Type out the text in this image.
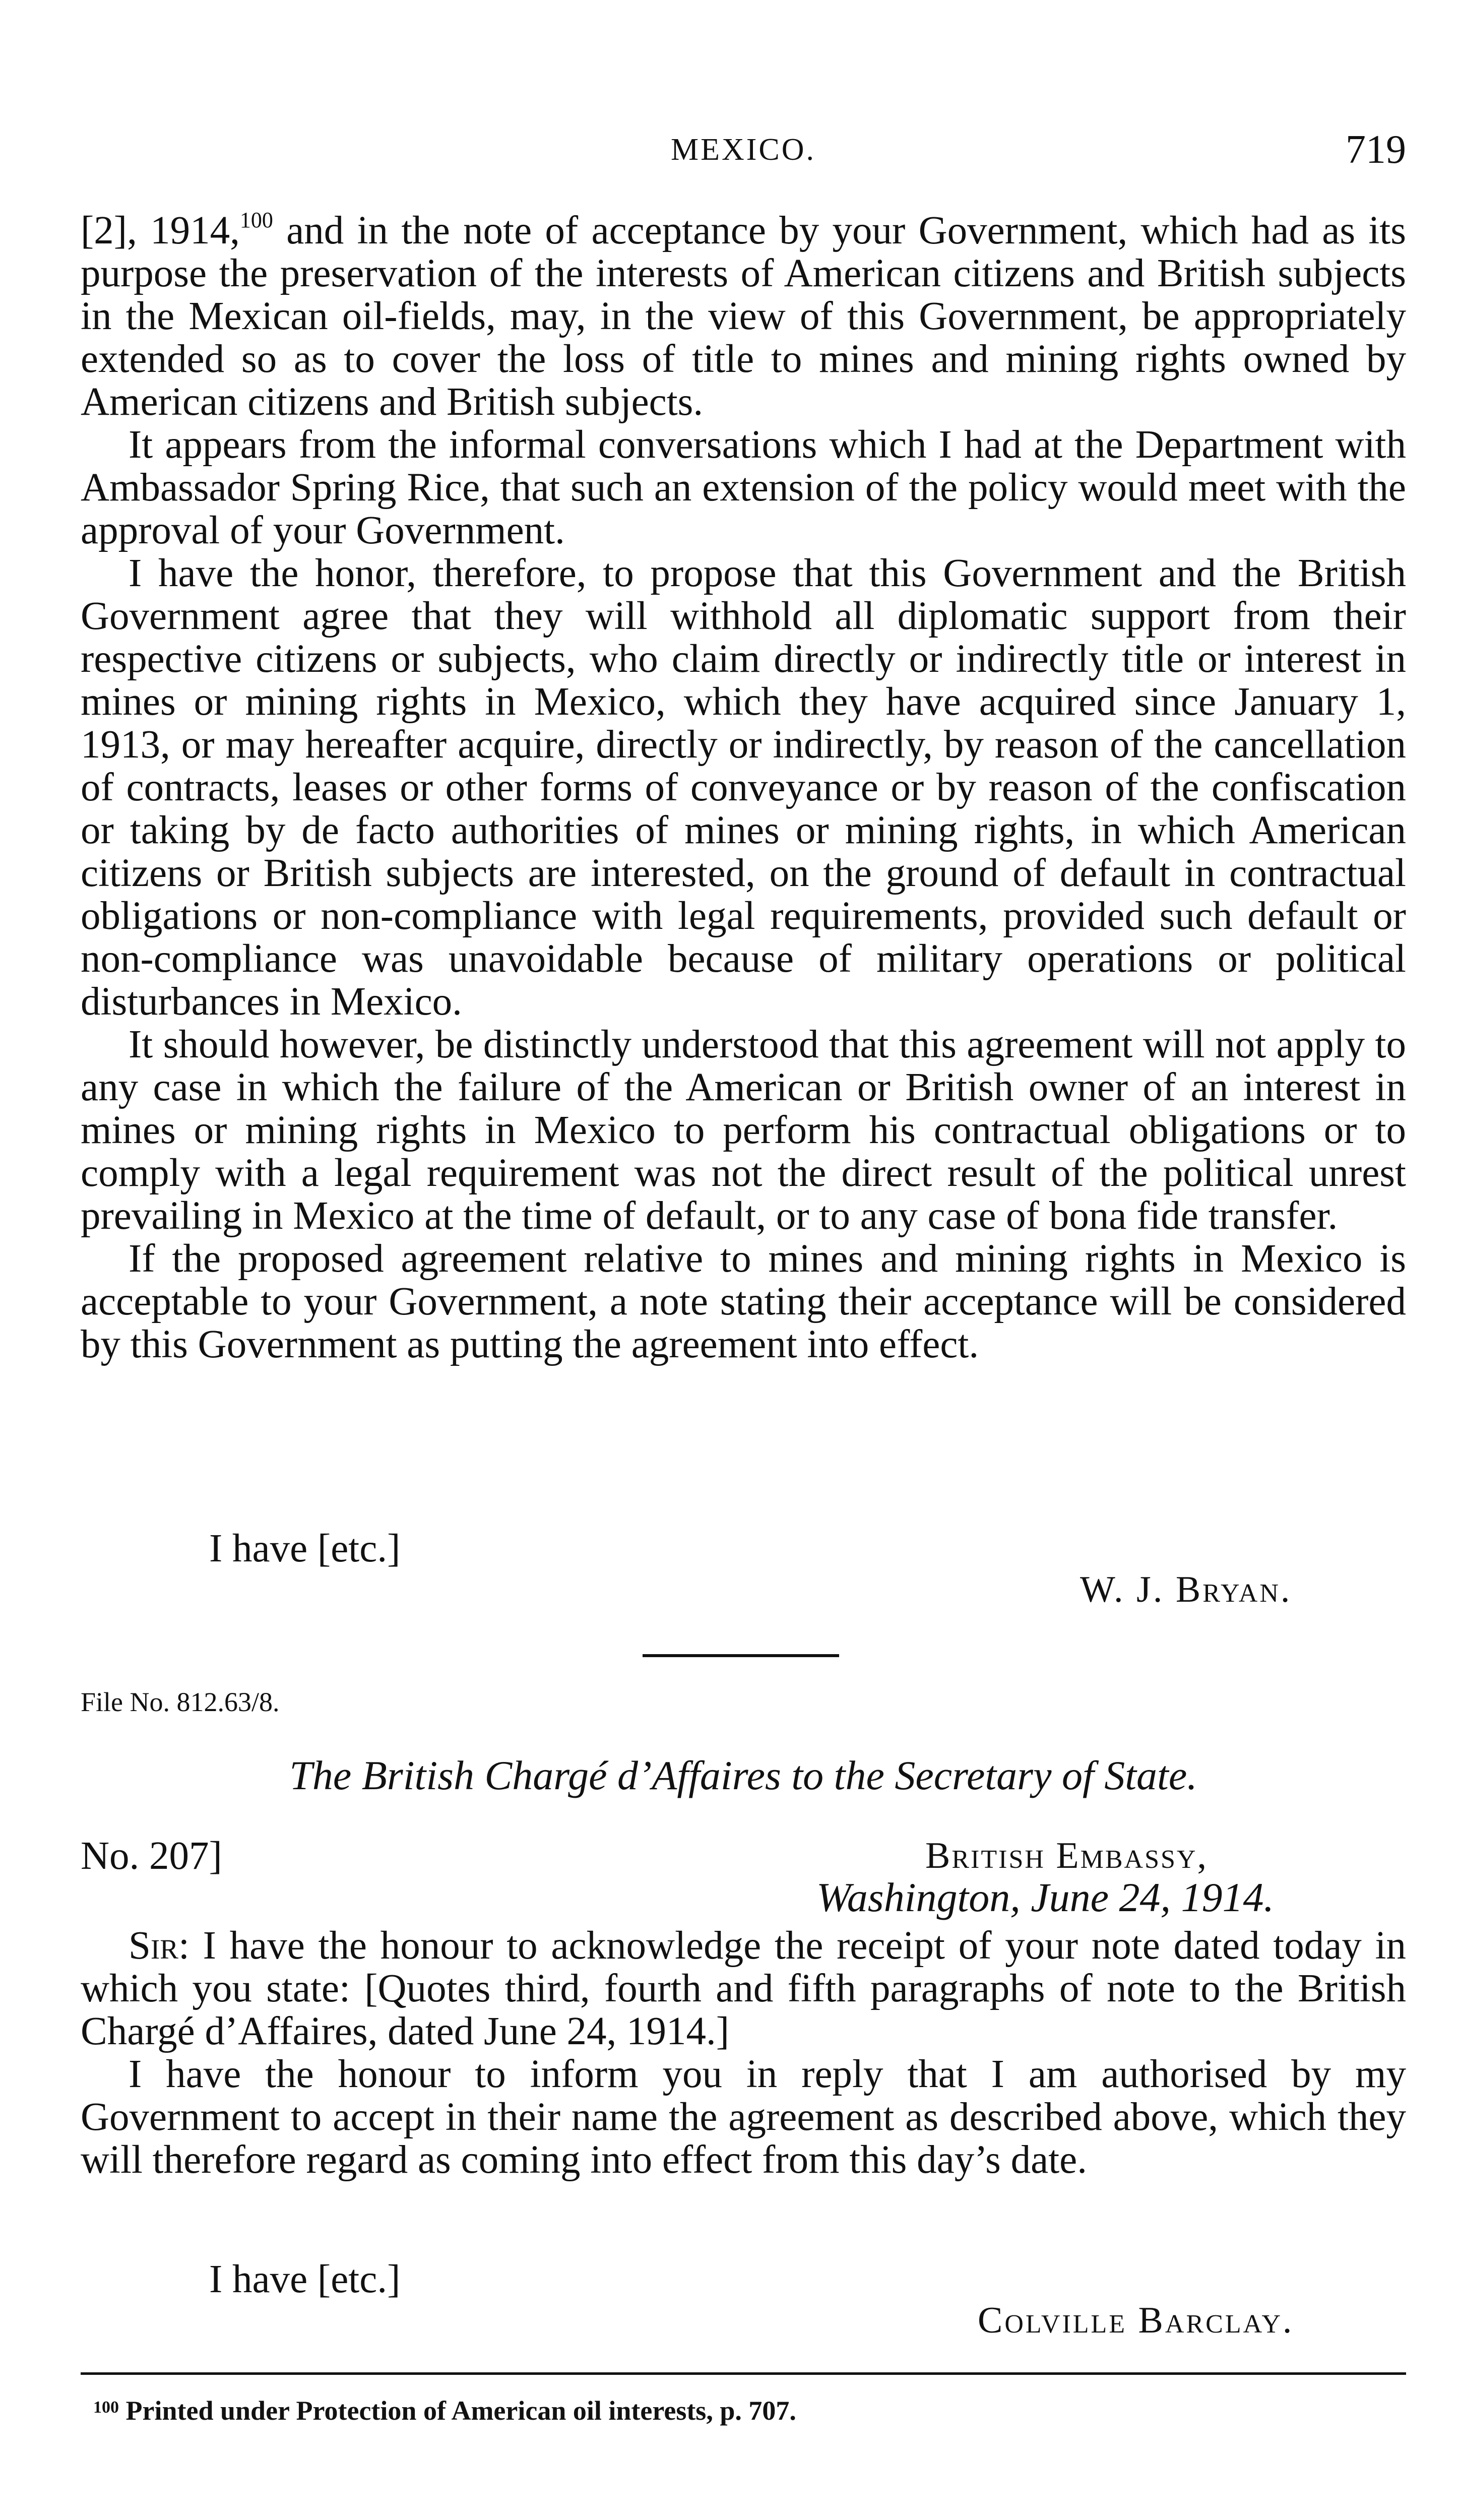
MEXICO.	719

[2], 1914,$^{100}$ and in the note of acceptance by your Government, which had as its purpose the preservation of the interests of American citizens and British subjects in the Mexican oil-fields, may, in the view of this Government, be appropriately extended so as to cover the loss of title to mines and mining rights owned by American citizens and British subjects.

It appears from the informal conversations which I had at the Department with Ambassador Spring Rice, that such an extension of the policy would meet with the approval of your Government.

I have the honor, therefore, to propose that this Government and the British Government agree that they will withhold all diplomatic support from their respective citizens or subjects, who claim directly or indirectly title or interest in mines or mining rights in Mexico, which they have acquired since January 1, 1913, or may hereafter acquire, directly or indirectly, by reason of the cancellation of contracts, leases or other forms of conveyance or by reason of the confiscation or taking by de facto authorities of mines or mining rights, in which American citizens or British subjects are interested, on the ground of default in contractual obligations or non-compliance with legal requirements, provided such default or non-compliance was unavoidable because of military operations or political disturbances in Mexico.

It should however, be distinctly understood that this agreement will not apply to any case in which the failure of the American or British owner of an interest in mines or mining rights in Mexico to perform his contractual obligations or to comply with a legal requirement was not the direct result of the political unrest prevailing in Mexico at the time of default, or to any case of bona fide transfer.

If the proposed agreement relative to mines and mining rights in Mexico is acceptable to your Government, a note stating their acceptance will be considered by this Government as putting the agreement into effect.

I have [etc.]
W. J. Bryan.
File No. 812.63/8.
The British Chargé d’Affaires to the Secretary of State.
No. 207]	British Embassy,
Washington, June 24, 1914.

Sir: I have the honour to acknowledge the receipt of your note dated today in which you state: [Quotes third, fourth and fifth paragraphs of note to the British Chargé d’Affaires, dated June 24, 1914.]

I have the honour to inform you in reply that I am authorised by my Government to accept in their name the agreement as described above, which they will therefore regard as coming into effect from this day’s date.

I have [etc.]
Colville Barclay.
$^{100}$ Printed under Protection of American oil interests, p. 707.
